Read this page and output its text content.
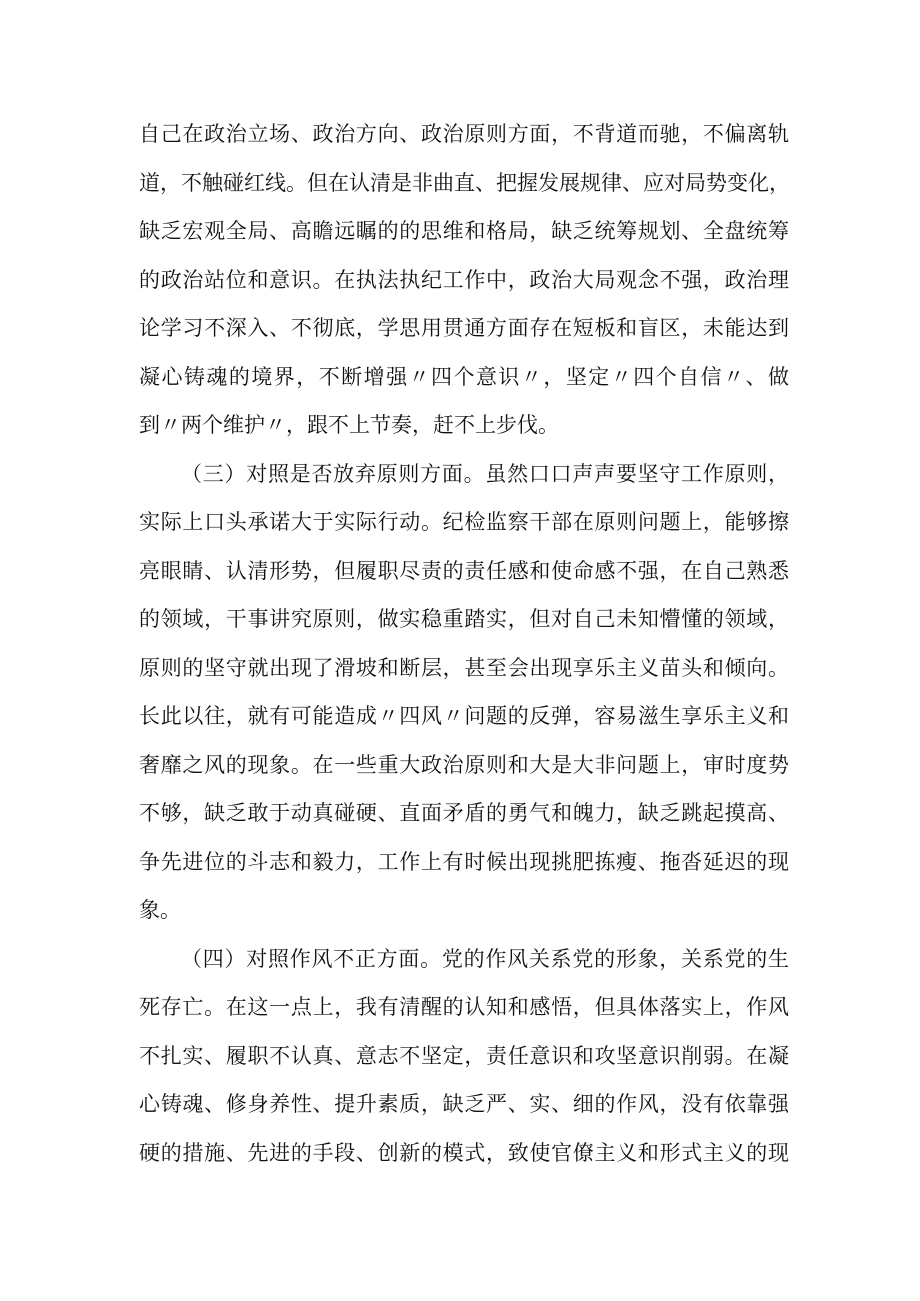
自己在政治立场、政治方向、政治原则方面，不背道而驰，不偏离轨
道，不触碰红线。但在认清是非曲直、把握发展规律、应对局势变化，
缺乏宏观全局、高瞻远瞩的的思维和格局，缺乏统筹规划、全盘统筹
的政治站位和意识。在执法执纪工作中，政治大局观念不强，政治理
论学习不深入、不彻底，学思用贯通方面存在短板和盲区，未能达到
凝心铸魂的境界，不断增强〃四个意识〃，坚定〃四个自信〃、做
到〃两个维护〃，跟不上节奏，赶不上步伐。
（三）对照是否放弃原则方面。虽然口口声声要坚守工作原则，
实际上口头承诺大于实际行动。纪检监察干部在原则问题上，能够擦
亮眼睛、认清形势，但履职尽责的责任感和使命感不强，在自己熟悉
的领域，干事讲究原则，做实稳重踏实，但对自己未知懵懂的领域，
原则的坚守就出现了滑坡和断层，甚至会出现享乐主义苗头和倾向。
长此以往，就有可能造成〃四风〃问题的反弹，容易滋生享乐主义和
奢靡之风的现象。在一些重大政治原则和大是大非问题上，审时度势
不够，缺乏敢于动真碰硬、直面矛盾的勇气和魄力，缺乏跳起摸高、
争先进位的斗志和毅力，工作上有时候出现挑肥拣瘦、拖沓延迟的现
象。
（四）对照作风不正方面。党的作风关系党的形象，关系党的生
死存亡。在这一点上，我有清醒的认知和感悟，但具体落实上，作风
不扎实、履职不认真、意志不坚定，责任意识和攻坚意识削弱。在凝
心铸魂、修身养性、提升素质，缺乏严、实、细的作风，没有依靠强
硬的措施、先进的手段、创新的模式，致使官僚主义和形式主义的现
